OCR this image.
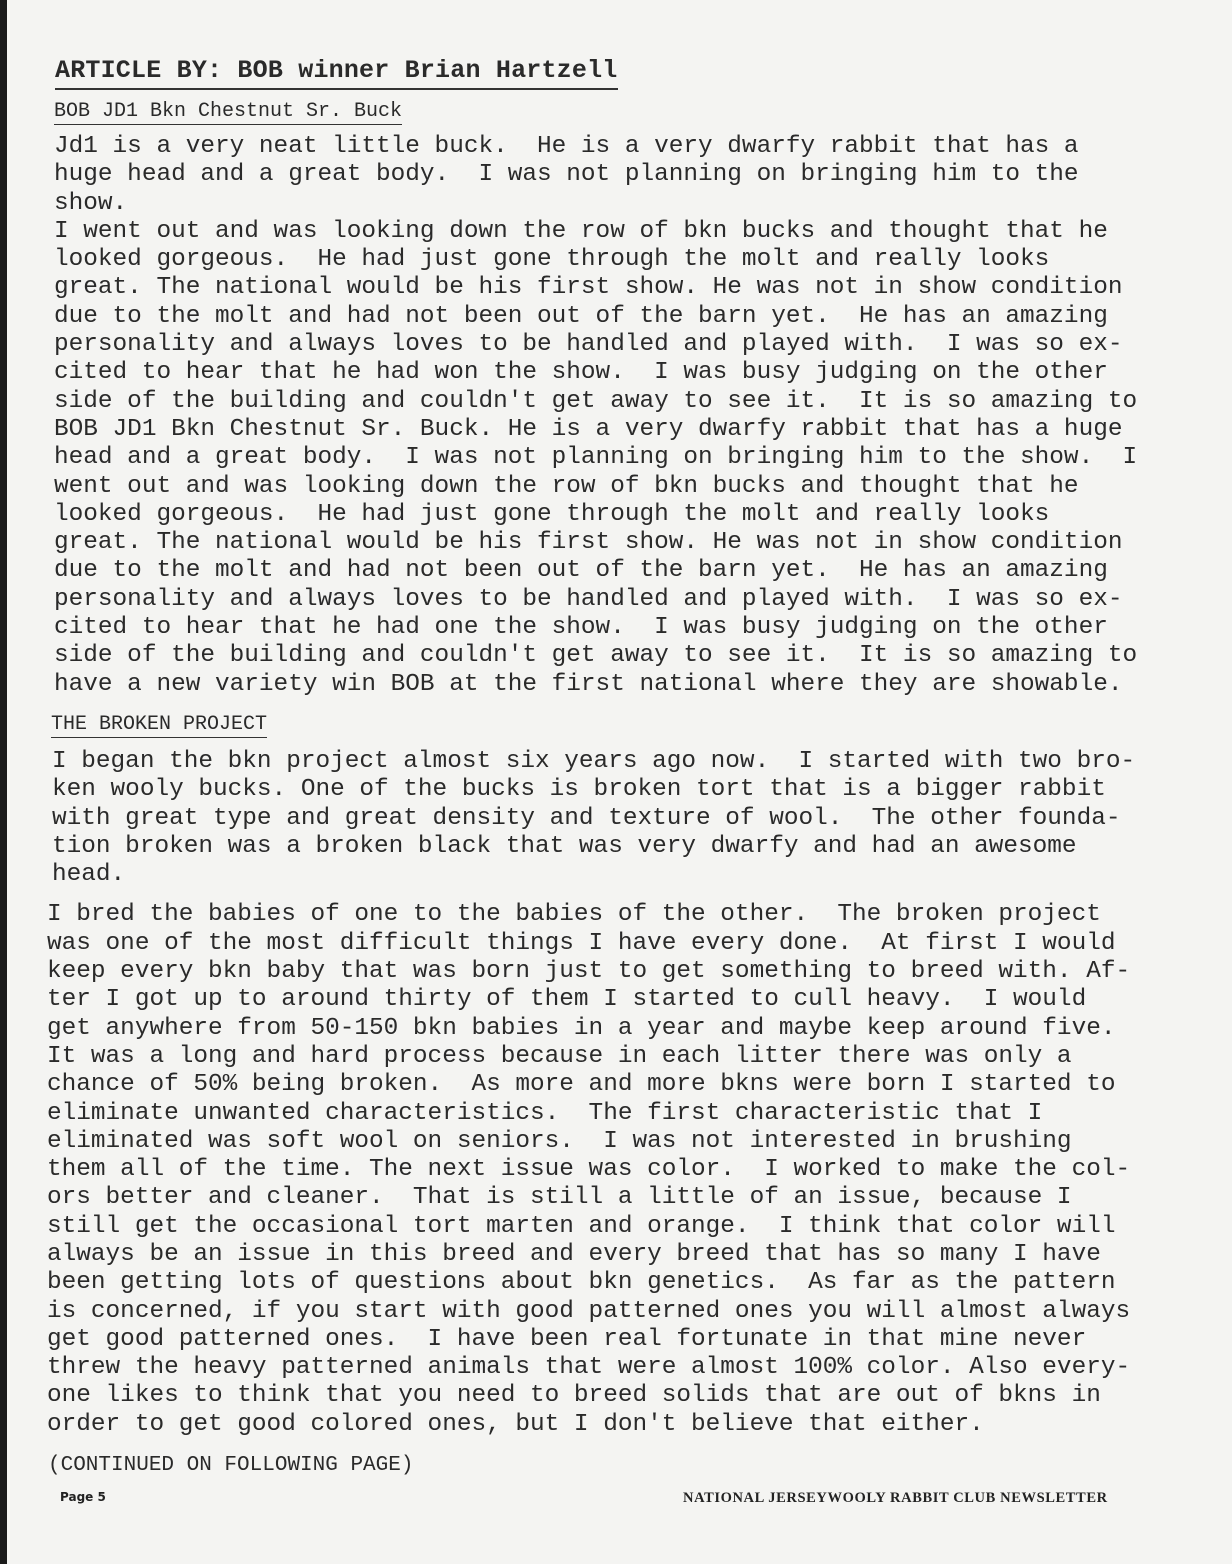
ARTICLE BY: BOB winner Brian Hartzell
BOB JD1 Bkn Chestnut Sr. Buck

Jd1 is a very neat little buck.  He is a very dwarfy rabbit that has a
huge head and a great body.  I was not planning on bringing him to the
show.

I went out and was looking down the row of bkn bucks and thought that he
looked gorgeous.  He had just gone through the molt and really looks
great. The national would be his first show. He was not in show condition
due to the molt and had not been out of the barn yet.  He has an amazing
personality and always loves to be handled and played with.  I was so ex-
cited to hear that he had won the show.  I was busy judging on the other
side of the building and couldn't get away to see it.  It is so amazing to
BOB JD1 Bkn Chestnut Sr. Buck. He is a very dwarfy rabbit that has a huge
head and a great body.  I was not planning on bringing him to the show.  I
went out and was looking down the row of bkn bucks and thought that he
looked gorgeous.  He had just gone through the molt and really looks
great. The national would be his first show. He was not in show condition
due to the molt and had not been out of the barn yet.  He has an amazing
personality and always loves to be handled and played with.  I was so ex-
cited to hear that he had one the show.  I was busy judging on the other
side of the building and couldn't get away to see it.  It is so amazing to
have a new variety win BOB at the first national where they are showable.

THE BROKEN PROJECT

I began the bkn project almost six years ago now.  I started with two bro-
ken wooly bucks. One of the bucks is broken tort that is a bigger rabbit
with great type and great density and texture of wool.  The other founda-
tion broken was a broken black that was very dwarfy and had an awesome
head.

I bred the babies of one to the babies of the other.  The broken project
was one of the most difficult things I have every done.  At first I would
keep every bkn baby that was born just to get something to breed with. Af-
ter I got up to around thirty of them I started to cull heavy.  I would
get anywhere from 50-150 bkn babies in a year and maybe keep around five.
It was a long and hard process because in each litter there was only a
chance of 50% being broken.  As more and more bkns were born I started to
eliminate unwanted characteristics.  The first characteristic that I
eliminated was soft wool on seniors.  I was not interested in brushing
them all of the time. The next issue was color.  I worked to make the col-
ors better and cleaner.  That is still a little of an issue, because I
still get the occasional tort marten and orange.  I think that color will
always be an issue in this breed and every breed that has so many I have
been getting lots of questions about bkn genetics.  As far as the pattern
is concerned, if you start with good patterned ones you will almost always
get good patterned ones.  I have been real fortunate in that mine never
threw the heavy patterned animals that were almost 100% color. Also every-
one likes to think that you need to breed solids that are out of bkns in
order to get good colored ones, but I don't believe that either.

(CONTINUED ON FOLLOWING PAGE)
Page 5	NATIONAL JERSEYWOOLY RABBIT CLUB NEWSLETTER
